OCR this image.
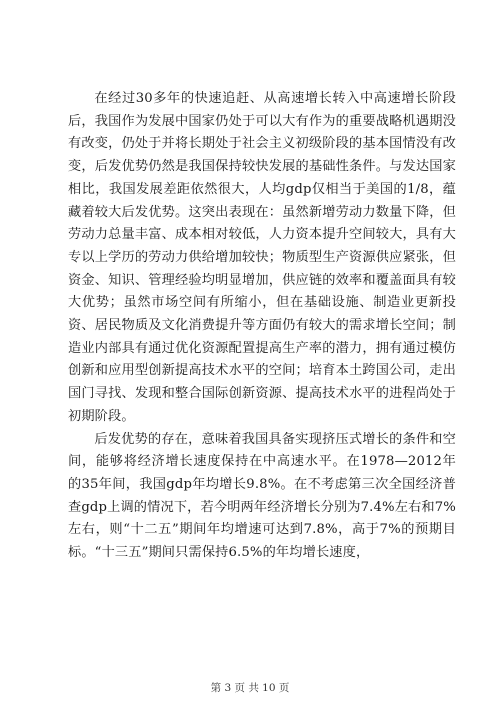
在经过30多年的快速追赶、从高速增长转入中高速增长阶段后，我国作为发展中国家仍处于可以大有作为的重要战略机遇期没有改变，仍处于并将长期处于社会主义初级阶段的基本国情没有改变，后发优势仍然是我国保持较快发展的基础性条件。与发达国家相比，我国发展差距依然很大，人均gdp仅相当于美国的1/8，蕴藏着较大后发优势。这突出表现在：虽然新增劳动力数量下降，但劳动力总量丰富、成本相对较低，人力资本提升空间较大，具有大专以上学历的劳动力供给增加较快；物质型生产资源供应紧张，但资金、知识、管理经验均明显增加，供应链的效率和覆盖面具有较大优势；虽然市场空间有所缩小，但在基础设施、制造业更新投资、居民物质及文化消费提升等方面仍有较大的需求增长空间；制造业内部具有通过优化资源配置提高生产率的潜力，拥有通过模仿创新和应用型创新提高技术水平的空间；培育本土跨国公司，走出国门寻找、发现和整合国际创新资源、提高技术水平的进程尚处于初期阶段。

后发优势的存在，意味着我国具备实现挤压式增长的条件和空间，能够将经济增长速度保持在中高速水平。在1978—2012年的35年间，我国gdp年均增长9.8%。在不考虑第三次全国经济普查gdp上调的情况下，若今明两年经济增长分别为7.4%左右和7%左右，则“十二五”期间年均增速可达到7.8%，高于7%的预期目标。“十三五”期间只需保持6.5%的年均增长速度，

第 3 页 共 10 页
